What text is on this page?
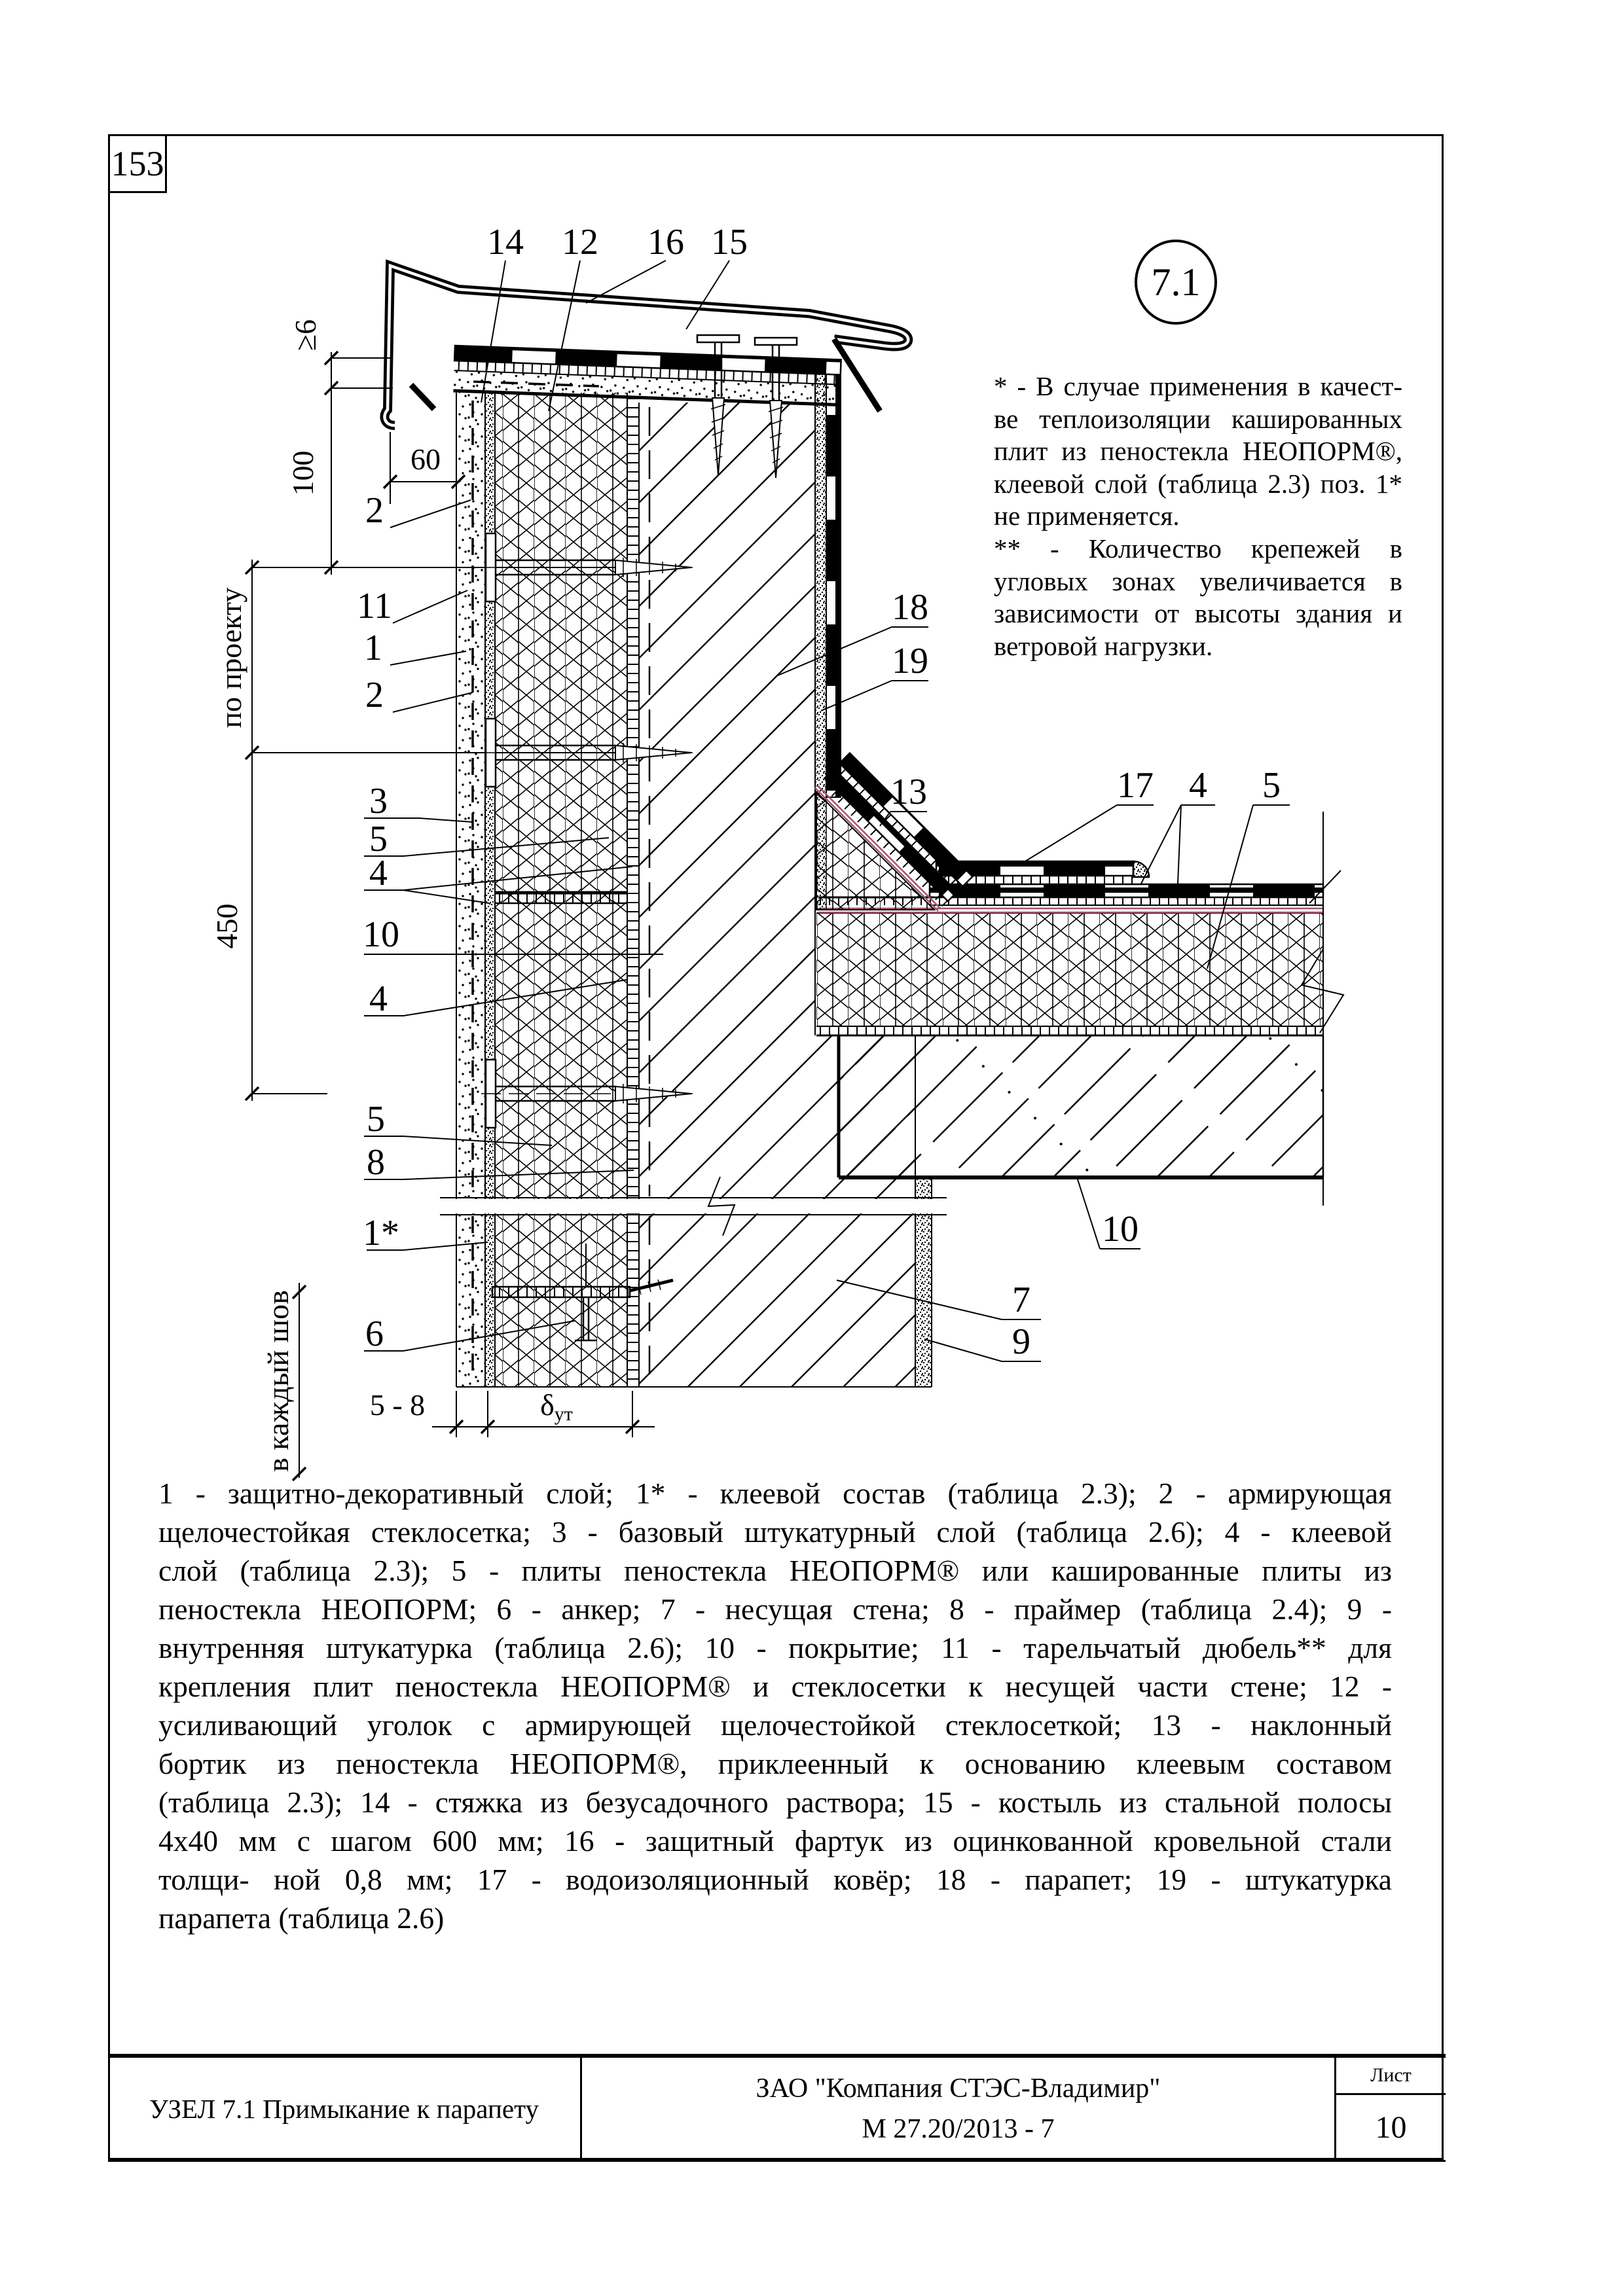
≥6
100	60
по проекту
450
в каждый шов 5 - 8	δут
14 12 16 15
2
11
1
2
3
5
4
10
4
5
8
1*
6
18
19
13	17 4 5
10
7
9
153
7.1
* - В случае применения в качест-
ве теплоизоляции кашированных
плит из пеностекла НЕОПОРМ®,
клеевой слой (таблица 2.3) поз. 1*
не применяется.
** - Количество крепежей в
угловых зонах увеличивается в
зависимости от высоты здания и
ветровой нагрузки.
1 - защитно-декоративный слой; 1* - клеевой состав (таблица 2.3); 2 - армирующая
щелочестойкая стеклосетка; 3 - базовый штукатурный слой (таблица 2.6); 4 - клеевой
слой (таблица 2.3); 5 - плиты пеностекла НЕОПОРМ® или кашированные плиты из
пеностекла НЕОПОРМ; 6 - анкер; 7 - несущая стена; 8 - праймер (таблица 2.4); 9 -
внутренняя штукатурка (таблица 2.6); 10 - покрытие; 11 - тарельчатый дюбель** для
крепления плит пеностекла НЕОПОРМ® и стеклосетки к несущей части стене; 12 -
усиливающий уголок с армирующей щелочестойкой стеклосеткой; 13 - наклонный
бортик из пеностекла НЕОПОРМ®, приклеенный к основанию клеевым составом
(таблица 2.3); 14 - стяжка из безусадочного раствора; 15 - костыль из стальной полосы
4х40 мм с шагом 600 мм; 16 - защитный фартук из оцинкованной кровельной стали
толщи- ной 0,8 мм; 17 - водоизоляционный ковёр; 18 - парапет; 19 - штукатурка
парапета (таблица 2.6)
УЗЕЛ 7.1 Примыкание к парапету
ЗАО "Компания СТЭС-Владимир"
М 27.20/2013 - 7
Лист
10
